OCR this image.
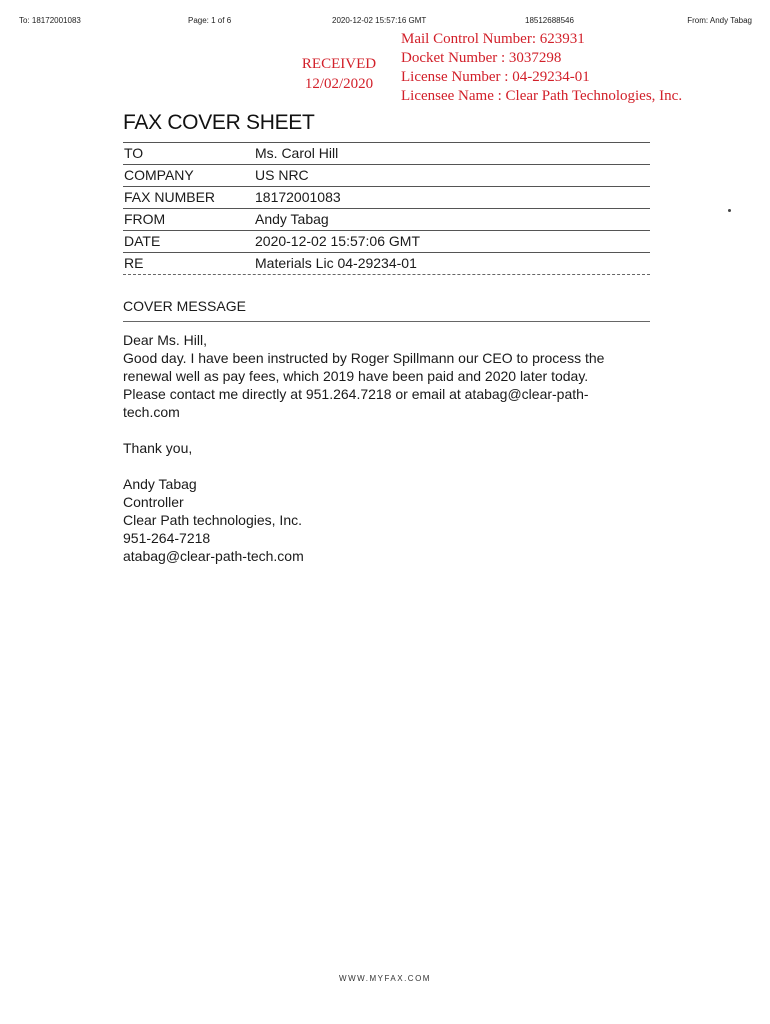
To: 18172001083	Page: 1 of 6	2020-12-02 15:57:16 GMT	18512688546	From: Andy Tabag
RECEIVED
12/02/2020
Mail Control Number: 623931
Docket Number : 3037298
License Number : 04-29234-01
Licensee Name : Clear Path Technologies, Inc.
FAX COVER SHEET
TO	Ms. Carol Hill
COMPANY	US NRC
FAX NUMBER	18172001083
FROM	Andy Tabag
DATE	2020-12-02 15:57:06 GMT
RE	Materials Lic 04-29234-01
COVER MESSAGE

Dear Ms. Hill,

Good day. I have been instructed by Roger Spillmann our CEO to process the

renewal well as pay fees, which 2019 have been paid and 2020 later today.

Please contact me directly at 951.264.7218 or email at atabag@clear-path-

tech.com

Thank you,

Andy Tabag

Controller

Clear Path technologies, Inc.

951-264-7218

atabag@clear-path-tech.com

WWW.MYFAX.COM
